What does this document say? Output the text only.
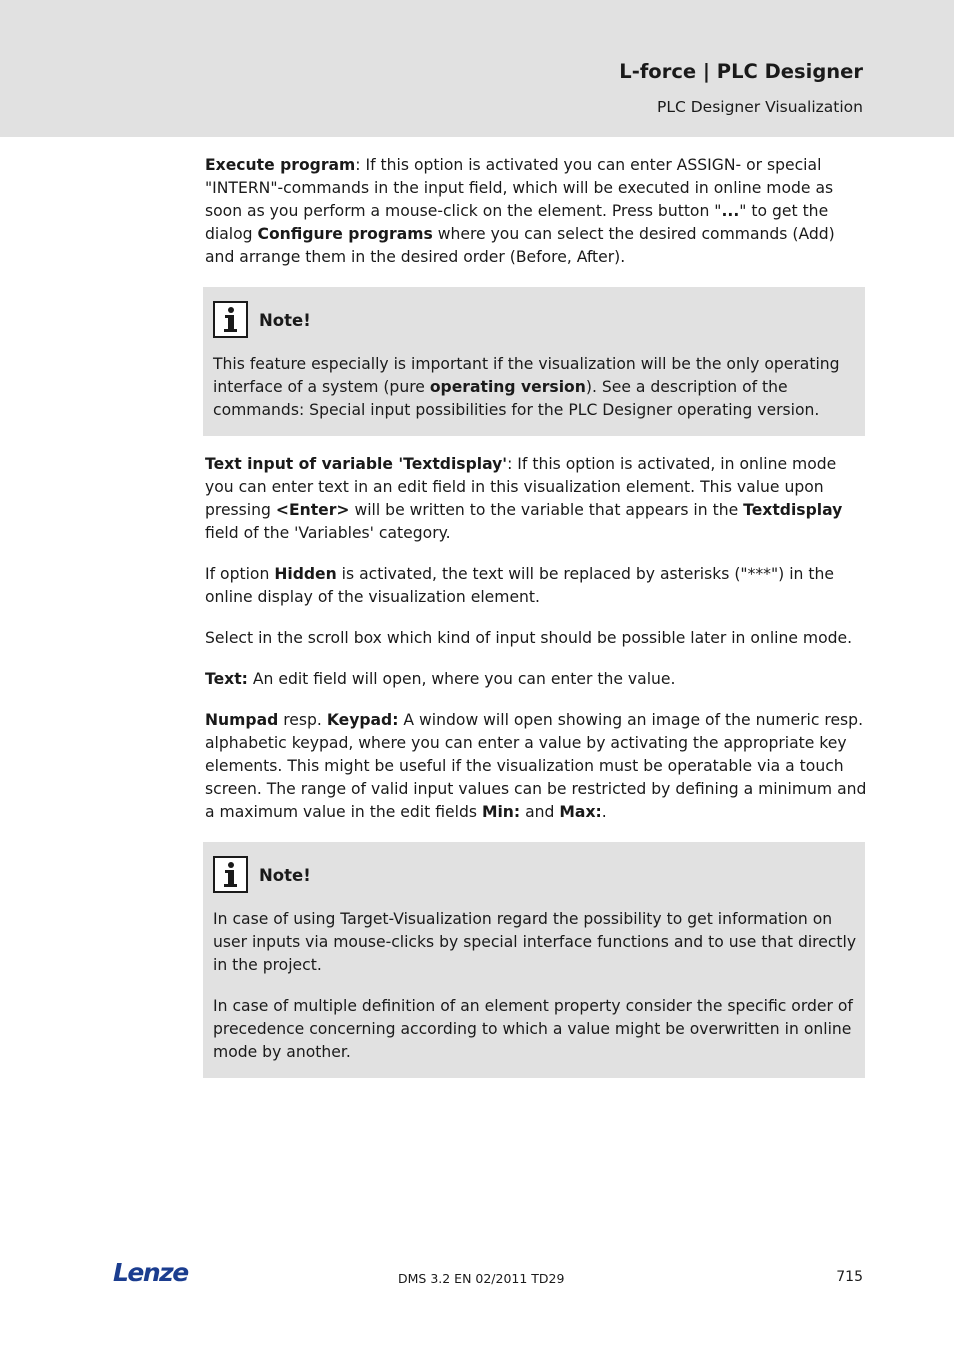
L-force | PLC Designer
PLC Designer Visualization

Execute program: If this option is activated you can enter ASSIGN- or special "INTERN"-commands in the input field, which will be executed in online mode as soon as you perform a mouse-click on the element. Press button "..." to get the dialog Configure programs where you can select the desired commands (Add) and arrange them in the desired order (Before, After).

Note!

This feature especially is important if the visualization will be the only operating interface of a system (pure operating version). See a description of the commands: Special input possibilities for the PLC Designer operating version.

Text input of variable 'Textdisplay': If this option is activated, in online mode you can enter text in an edit field in this visualization element. This value upon pressing <Enter> will be written to the variable that appears in the Textdisplay field of the 'Variables' category.

If option Hidden is activated, the text will be replaced by asterisks ("***") in the online display of the visualization element.

Select in the scroll box which kind of input should be possible later in online mode.

Text: An edit field will open, where you can enter the value.

Numpad resp. Keypad: A window will open showing an image of the numeric resp. alphabetic keypad, where you can enter a value by activating the appropriate key elements. This might be useful if the visualization must be operatable via a touch screen. The range of valid input values can be restricted by defining a minimum and a maximum value in the edit fields Min: and Max:.

Note!

In case of using Target-Visualization regard the possibility to get information on user inputs via mouse-clicks by special interface functions and to use that directly in the project.

In case of multiple definition of an element property consider the specific order of precedence concerning according to which a value might be overwritten in online mode by another.

Lenze	DMS 3.2 EN 02/2011 TD29	715
